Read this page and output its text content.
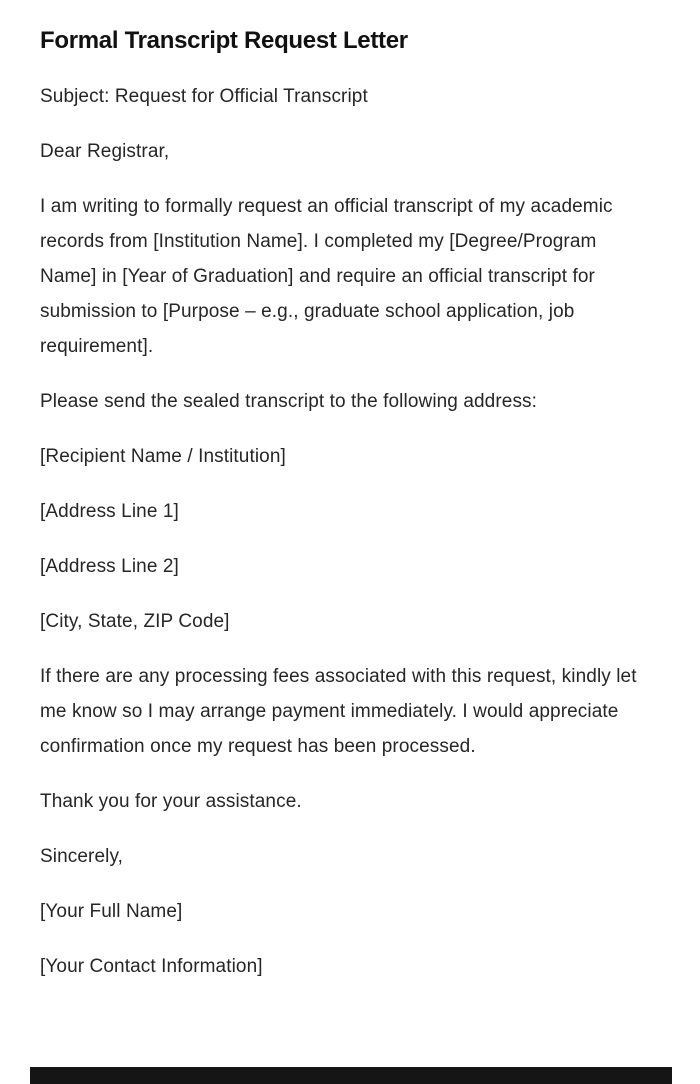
Formal Transcript Request Letter

Subject: Request for Official Transcript

Dear Registrar,

I am writing to formally request an official transcript of my academic records from [Institution Name]. I completed my [Degree/Program Name] in [Year of Graduation] and require an official transcript for submission to [Purpose – e.g., graduate school application, job requirement].

Please send the sealed transcript to the following address:

[Recipient Name / Institution]

[Address Line 1]

[Address Line 2]

[City, State, ZIP Code]

If there are any processing fees associated with this request, kindly let me know so I may arrange payment immediately. I would appreciate confirmation once my request has been processed.

Thank you for your assistance.

Sincerely,

[Your Full Name]

[Your Contact Information]
